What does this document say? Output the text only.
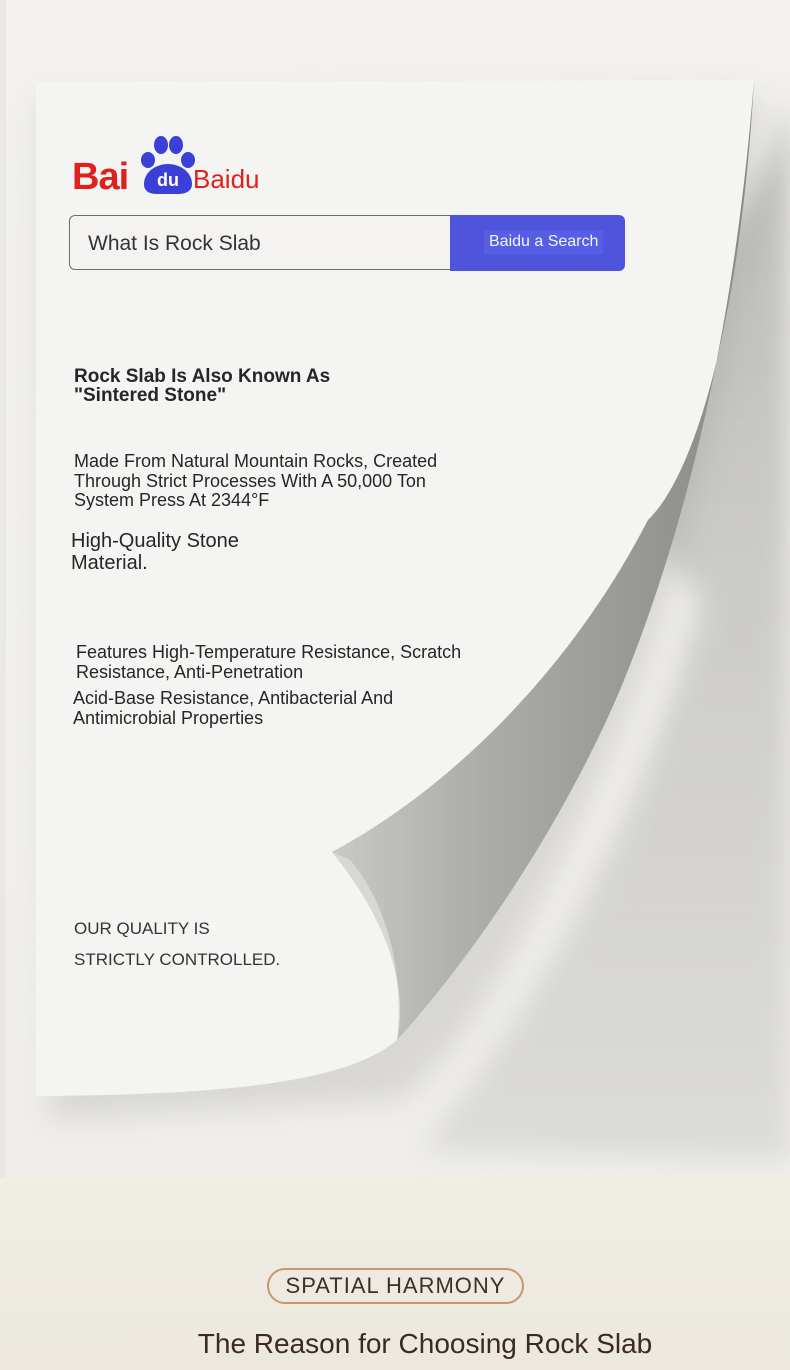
Bai du Baidu
What Is Rock Slab	Baidu a Search

Rock Slab Is Also Known As "Sintered Stone"

Made From Natural Mountain Rocks, Created Through Strict Processes With A 50,000 Ton System Press At 2344°F

High-Quality Stone Material.

Features High-Temperature Resistance, Scratch Resistance, Anti-Penetration

Acid-Base Resistance, Antibacterial And Antimicrobial Properties

OUR QUALITY IS
STRICTLY CONTROLLED.
SPATIAL HARMONY
The Reason for Choosing Rock Slab
